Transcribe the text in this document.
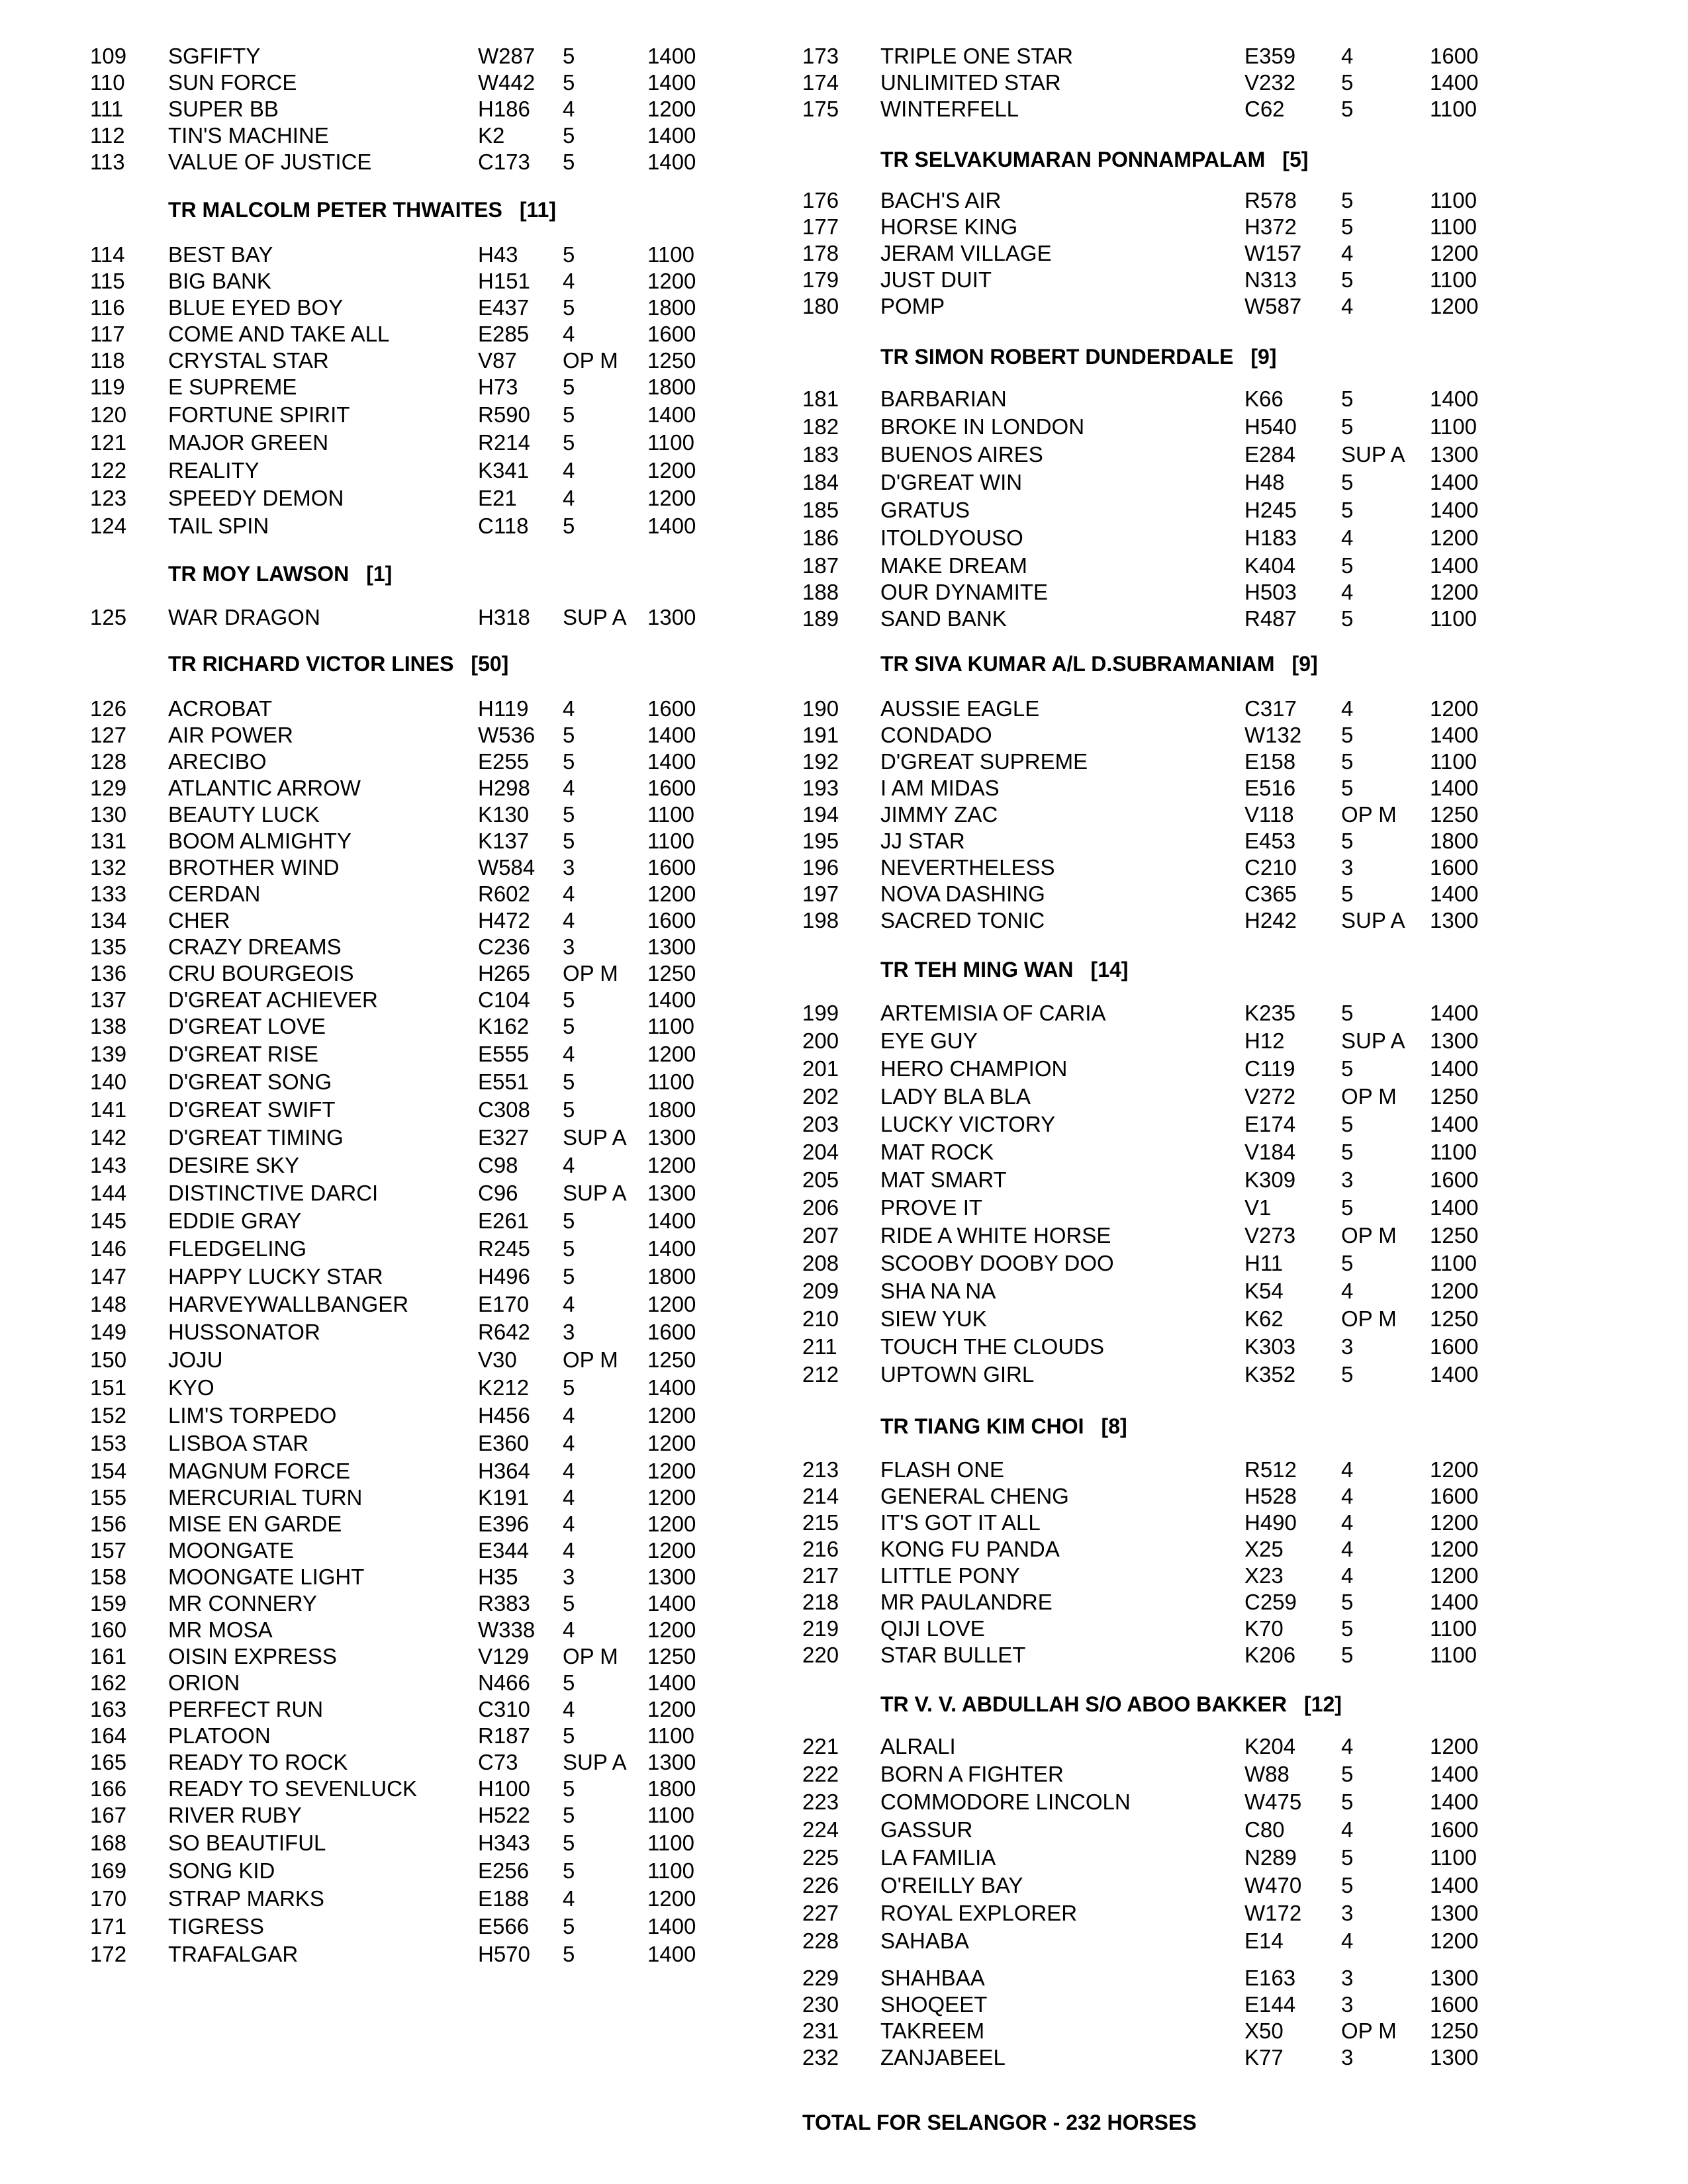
109 SGFIFTY	W287 5	1400
110 SUN FORCE	W442 5	1400
111 SUPER BB	H186 4	1200
112 TIN'S MACHINE	K2	5	1400
113 VALUE OF JUSTICE	C173 5	1400
TR MALCOLM PETER THWAITES [11]
114 BEST BAY	H43 5	1100
115 BIG BANK	H151 4	1200
116 BLUE EYED BOY	E437 5	1800
117 COME AND TAKE ALL	E285 4	1600
118 CRYSTAL STAR	V87 OP M 1250
119 E SUPREME	H73 5	1800
120 FORTUNE SPIRIT	R590 5	1400
121 MAJOR GREEN	R214 5	1100
122 REALITY	K341 4	1200
123 SPEEDY DEMON	E21 4	1200
124 TAIL SPIN	C118 5	1400
TR MOY LAWSON [1]
125 WAR DRAGON	H318 SUP A 1300
TR RICHARD VICTOR LINES [50]
126 ACROBAT	H119 4	1600
127 AIR POWER	W536 5	1400
128 ARECIBO	E255 5	1400
129 ATLANTIC ARROW	H298 4	1600
130 BEAUTY LUCK	K130 5	1100
131 BOOM ALMIGHTY	K137 5	1100
132 BROTHER WIND	W584 3	1600
133 CERDAN	R602 4	1200
134 CHER	H472 4	1600
135 CRAZY DREAMS	C236 3	1300
136 CRU BOURGEOIS	H265 OP M 1250
137 D'GREAT ACHIEVER	C104 5	1400
138 D'GREAT LOVE	K162 5	1100
139 D'GREAT RISE	E555 4	1200
140 D'GREAT SONG	E551 5	1100
141 D'GREAT SWIFT	C308 5	1800
142 D'GREAT TIMING	E327 SUP A 1300
143 DESIRE SKY	C98 4	1200
144 DISTINCTIVE DARCI	C96 SUP A 1300
145 EDDIE GRAY	E261 5	1400
146 FLEDGELING	R245 5	1400
147 HAPPY LUCKY STAR	H496 5	1800
148 HARVEYWALLBANGER	E170 4	1200
149 HUSSONATOR	R642 3	1600
150 JOJU	V30 OP M 1250
151 KYO	K212 5	1400
152 LIM'S TORPEDO	H456 4	1200
153 LISBOA STAR	E360 4	1200
154 MAGNUM FORCE	H364 4	1200
155 MERCURIAL TURN	K191 4	1200
156 MISE EN GARDE	E396 4	1200
157 MOONGATE	E344 4	1200
158 MOONGATE LIGHT	H35 3	1300
159 MR CONNERY	R383 5	1400
160 MR MOSA	W338 4	1200
161 OISIN EXPRESS	V129 OP M 1250
162 ORION	N466 5	1400
163 PERFECT RUN	C310 4	1200
164 PLATOON	R187 5	1100
165 READY TO ROCK	C73 SUP A 1300
166 READY TO SEVENLUCK	H100 5	1800
167 RIVER RUBY	H522 5	1100
168 SO BEAUTIFUL	H343 5	1100
169 SONG KID	E256 5	1100
170 STRAP MARKS	E188 4	1200
171 TIGRESS	E566 5	1400
172 TRAFALGAR	H570 5	1400
173 TRIPLE ONE STAR	E359 4	1600
174 UNLIMITED STAR	V232 5	1400
175 WINTERFELL	C62	5	1100
TR SELVAKUMARAN PONNAMPALAM [5]
176 BACH'S AIR	R578 5	1100
177 HORSE KING	H372 5	1100
178 JERAM VILLAGE	W157 4	1200
179 JUST DUIT	N313 5	1100
180 POMP	W587 4	1200
TR SIMON ROBERT DUNDERDALE [9]
181 BARBARIAN	K66	5	1400
182 BROKE IN LONDON	H540 5	1100
183 BUENOS AIRES	E284 SUP A 1300
184 D'GREAT WIN	H48	5	1400
185 GRATUS	H245 5	1400
186 ITOLDYOUSO	H183 4	1200
187 MAKE DREAM	K404 5	1400
188 OUR DYNAMITE	H503 4	1200
189 SAND BANK	R487 5	1100
TR SIVA KUMAR A/L D.SUBRAMANIAM [9]
190 AUSSIE EAGLE	C317 4	1200
191 CONDADO	W132 5	1400
192 D'GREAT SUPREME	E158 5	1100
193 I AM MIDAS	E516 5	1400
194 JIMMY ZAC	V118 OP M 1250
195 JJ STAR	E453 5	1800
196 NEVERTHELESS	C210 3	1600
197 NOVA DASHING	C365 5	1400
198 SACRED TONIC	H242 SUP A 1300
TR TEH MING WAN [14]
199 ARTEMISIA OF CARIA	K235 5	1400
200 EYE GUY	H12	SUP A 1300
201 HERO CHAMPION	C119 5	1400
202 LADY BLA BLA	V272 OP M 1250
203 LUCKY VICTORY	E174 5	1400
204 MAT ROCK	V184 5	1100
205 MAT SMART	K309 3	1600
206 PROVE IT	V1	5	1400
207 RIDE A WHITE HORSE	V273 OP M 1250
208 SCOOBY DOOBY DOO	H11	5	1100
209 SHA NA NA	K54	4	1200
210 SIEW YUK	K62	OP M 1250
211 TOUCH THE CLOUDS	K303 3	1600
212 UPTOWN GIRL	K352 5	1400
TR TIANG KIM CHOI [8]
213 FLASH ONE	R512 4	1200
214 GENERAL CHENG	H528 4	1600
215 IT'S GOT IT ALL	H490 4	1200
216 KONG FU PANDA	X25	4	1200
217 LITTLE PONY	X23	4	1200
218 MR PAULANDRE	C259 5	1400
219 QIJI LOVE	K70	5	1100
220 STAR BULLET	K206 5	1100
TR V. V. ABDULLAH S/O ABOO BAKKER [12]
221 ALRALI	K204 4	1200
222 BORN A FIGHTER	W88 5	1400
223 COMMODORE LINCOLN	W475 5	1400
224 GASSUR	C80	4	1600
225 LA FAMILIA	N289 5	1100
226 O'REILLY BAY	W470 5	1400
227 ROYAL EXPLORER	W172 3	1300
228 SAHABA	E14	4	1200
229 SHAHBAA	E163 3	1300
230 SHOQEET	E144 3	1600
231 TAKREEM	X50	OP M 1250
232 ZANJABEEL	K77	3	1300
TOTAL FOR SELANGOR - 232 HORSES
